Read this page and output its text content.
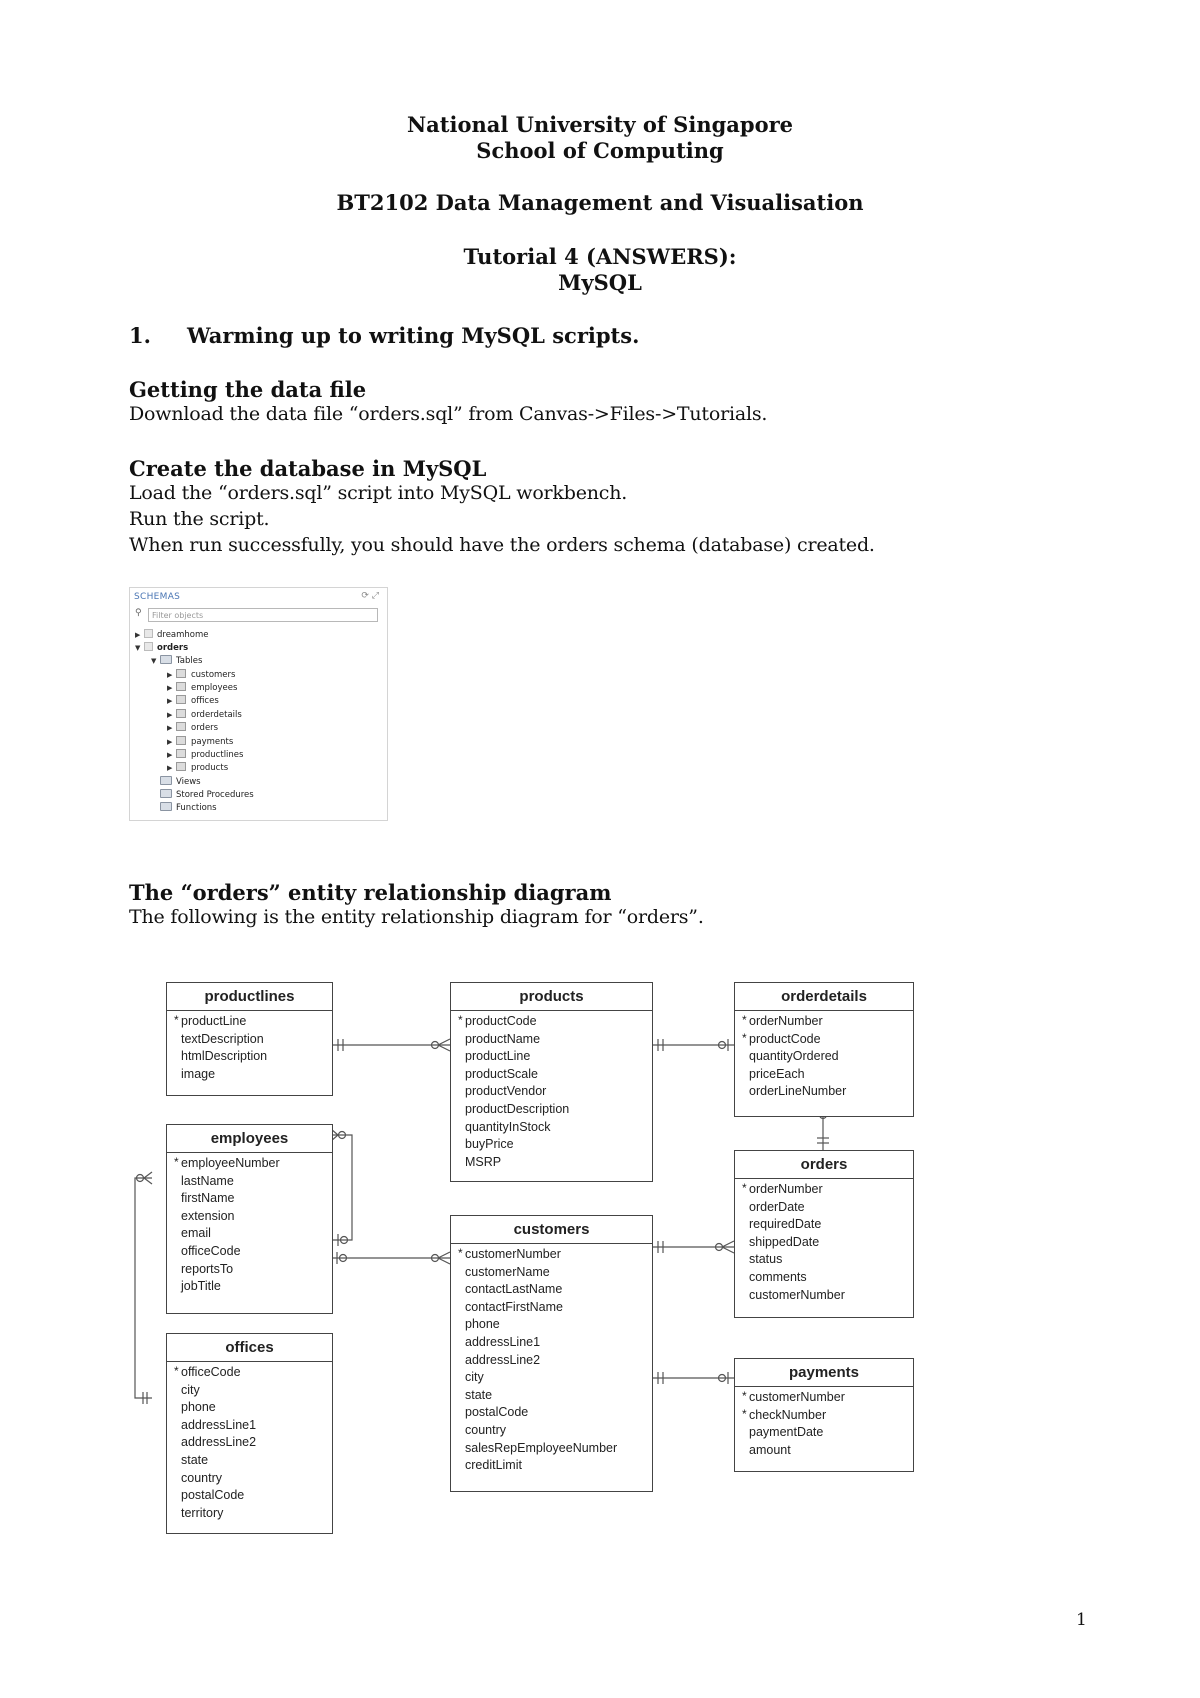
National University of Singapore
School of Computing
BT2102 Data Management and Visualisation
Tutorial 4 (ANSWERS):
MySQL
1. Warming up to writing MySQL scripts.
Getting the data file
Download the data file “orders.sql” from Canvas->Files->Tutorials.
Create the database in MySQL
Load the “orders.sql” script into MySQL workbench.
Run the script.
When run successfully, you should have the orders schema (database) created.
SCHEMAS	⟳ ⤢
⚲	Filter objects
▶ dreamhome
▼ orders
▼ Tables
▶ customers
▶ employees
▶ offices
▶ orderdetails
▶ orders
▶ payments
▶ productlines
▶ products
Views
Stored Procedures
Functions
The “orders” entity relationship diagram
The following is the entity relationship diagram for “orders”.
productlines
* productLine
textDescription
htmlDescription
image
products
* productCode
productName
productLine
productScale
productVendor
productDescription
quantityInStock
buyPrice
MSRP
orderdetails
* orderNumber
* productCode
quantityOrdered
priceEach
orderLineNumber
employees
* employeeNumber
lastName
firstName
extension
email
officeCode
reportsTo
jobTitle
customers
* customerNumber
customerName
contactLastName
contactFirstName
phone
addressLine1
addressLine2
city
state
postalCode
country
salesRepEmployeeNumber
creditLimit
orders
* orderNumber
orderDate
requiredDate
shippedDate
status
comments
customerNumber
offices
* officeCode
city
phone
addressLine1
addressLine2
state
country
postalCode
territory
payments
* customerNumber
* checkNumber
paymentDate
amount
1
